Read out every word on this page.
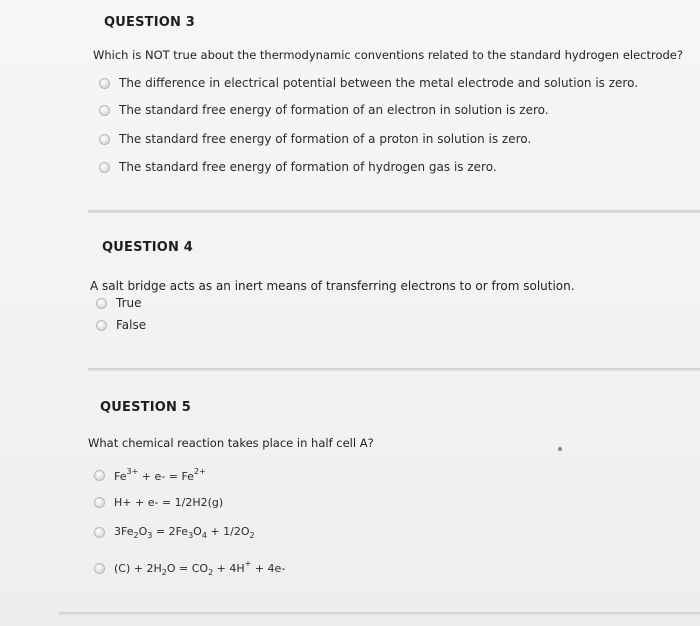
QUESTION 3
Which is NOT true about the thermodynamic conventions related to the standard hydrogen electrode?
The difference in electrical potential between the metal electrode and solution is zero.
The standard free energy of formation of an electron in solution is zero.
The standard free energy of formation of a proton in solution is zero.
The standard free energy of formation of hydrogen gas is zero.
QUESTION 4
A salt bridge acts as an inert means of transferring electrons to or from solution.
True
False
QUESTION 5
What chemical reaction takes place in half cell A?
$Fe^{3+} + e- = Fe^{2+}$
H+ + e- = 1/2H2(g)
$3Fe_2O_3 = 2Fe_3O_4 + 1/2O_2$
$(C) + 2H_2O = CO_2 + 4H^+ + 4e-$
